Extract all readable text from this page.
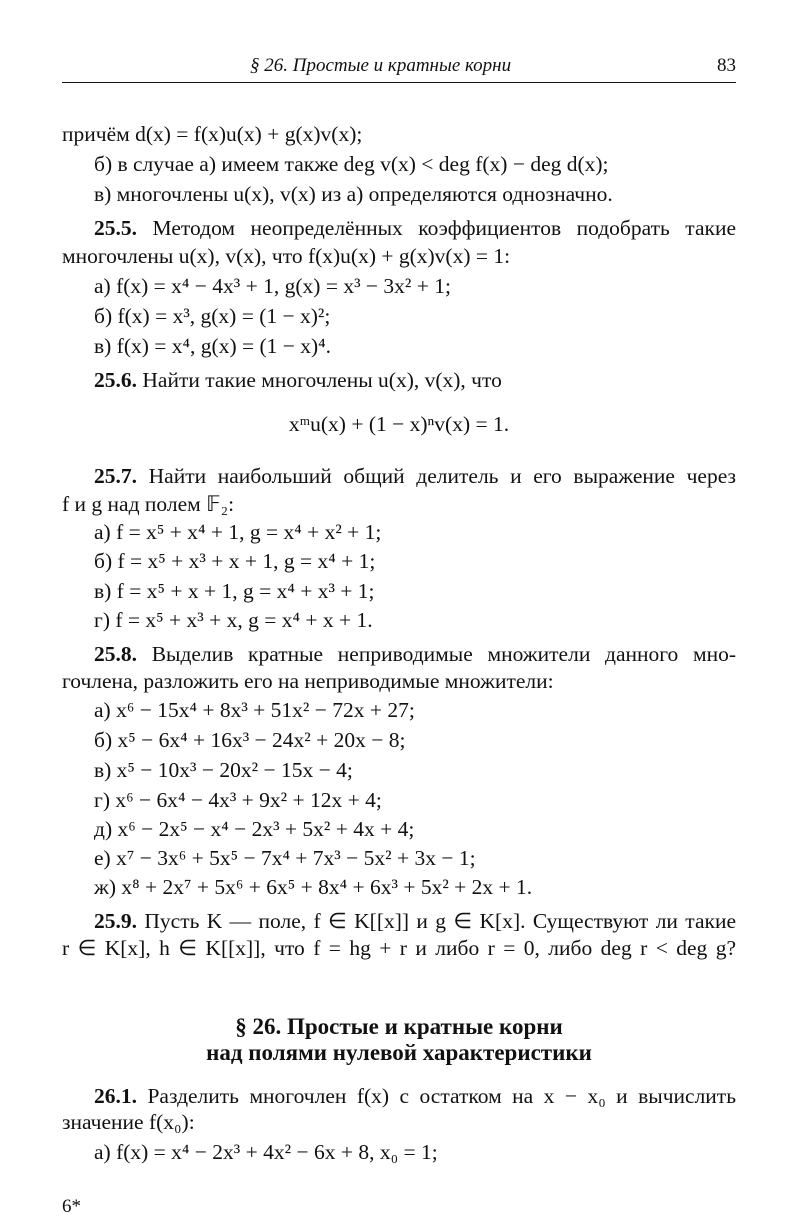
§ 26. Простые и кратные корни	83
причём d(x) = f(x)u(x) + g(x)v(x);
б) в случае а) имеем также deg v(x) < deg f(x) − deg d(x);
в) многочлены u(x), v(x) из а) определяются однозначно.
25.5. Методом неопределённых коэффициентов подобрать такие
многочлены u(x), v(x), что f(x)u(x) + g(x)v(x) = 1:
а) f(x) = x⁴ − 4x³ + 1, g(x) = x³ − 3x² + 1;
б) f(x) = x³, g(x) = (1 − x)²;
в) f(x) = x⁴, g(x) = (1 − x)⁴.
25.6. Найти такие многочлены u(x), v(x), что
xᵐu(x) + (1 − x)ⁿv(x) = 1.
25.7. Найти наибольший общий делитель и его выражение через
f и g над полем 𝔽₂:
а) f = x⁵ + x⁴ + 1, g = x⁴ + x² + 1;
б) f = x⁵ + x³ + x + 1, g = x⁴ + 1;
в) f = x⁵ + x + 1, g = x⁴ + x³ + 1;
г) f = x⁵ + x³ + x, g = x⁴ + x + 1.
25.8. Выделив кратные неприводимые множители данного мно-
гочлена, разложить его на неприводимые множители:
а) x⁶ − 15x⁴ + 8x³ + 51x² − 72x + 27;
б) x⁵ − 6x⁴ + 16x³ − 24x² + 20x − 8;
в) x⁵ − 10x³ − 20x² − 15x − 4;
г) x⁶ − 6x⁴ − 4x³ + 9x² + 12x + 4;
д) x⁶ − 2x⁵ − x⁴ − 2x³ + 5x² + 4x + 4;
е) x⁷ − 3x⁶ + 5x⁵ − 7x⁴ + 7x³ − 5x² + 3x − 1;
ж) x⁸ + 2x⁷ + 5x⁶ + 6x⁵ + 8x⁴ + 6x³ + 5x² + 2x + 1.
25.9. Пусть K — поле, f ∈ K[[x]] и g ∈ K[x]. Существуют ли такие
r ∈ K[x], h ∈ K[[x]], что f = hg + r и либо r = 0, либо deg r < deg g?
§ 26. Простые и кратные корни
над полями нулевой характеристики
26.1. Разделить многочлен f(x) с остатком на x − x₀ и вычислить
значение f(x₀):
а) f(x) = x⁴ − 2x³ + 4x² − 6x + 8, x₀ = 1;
6*
